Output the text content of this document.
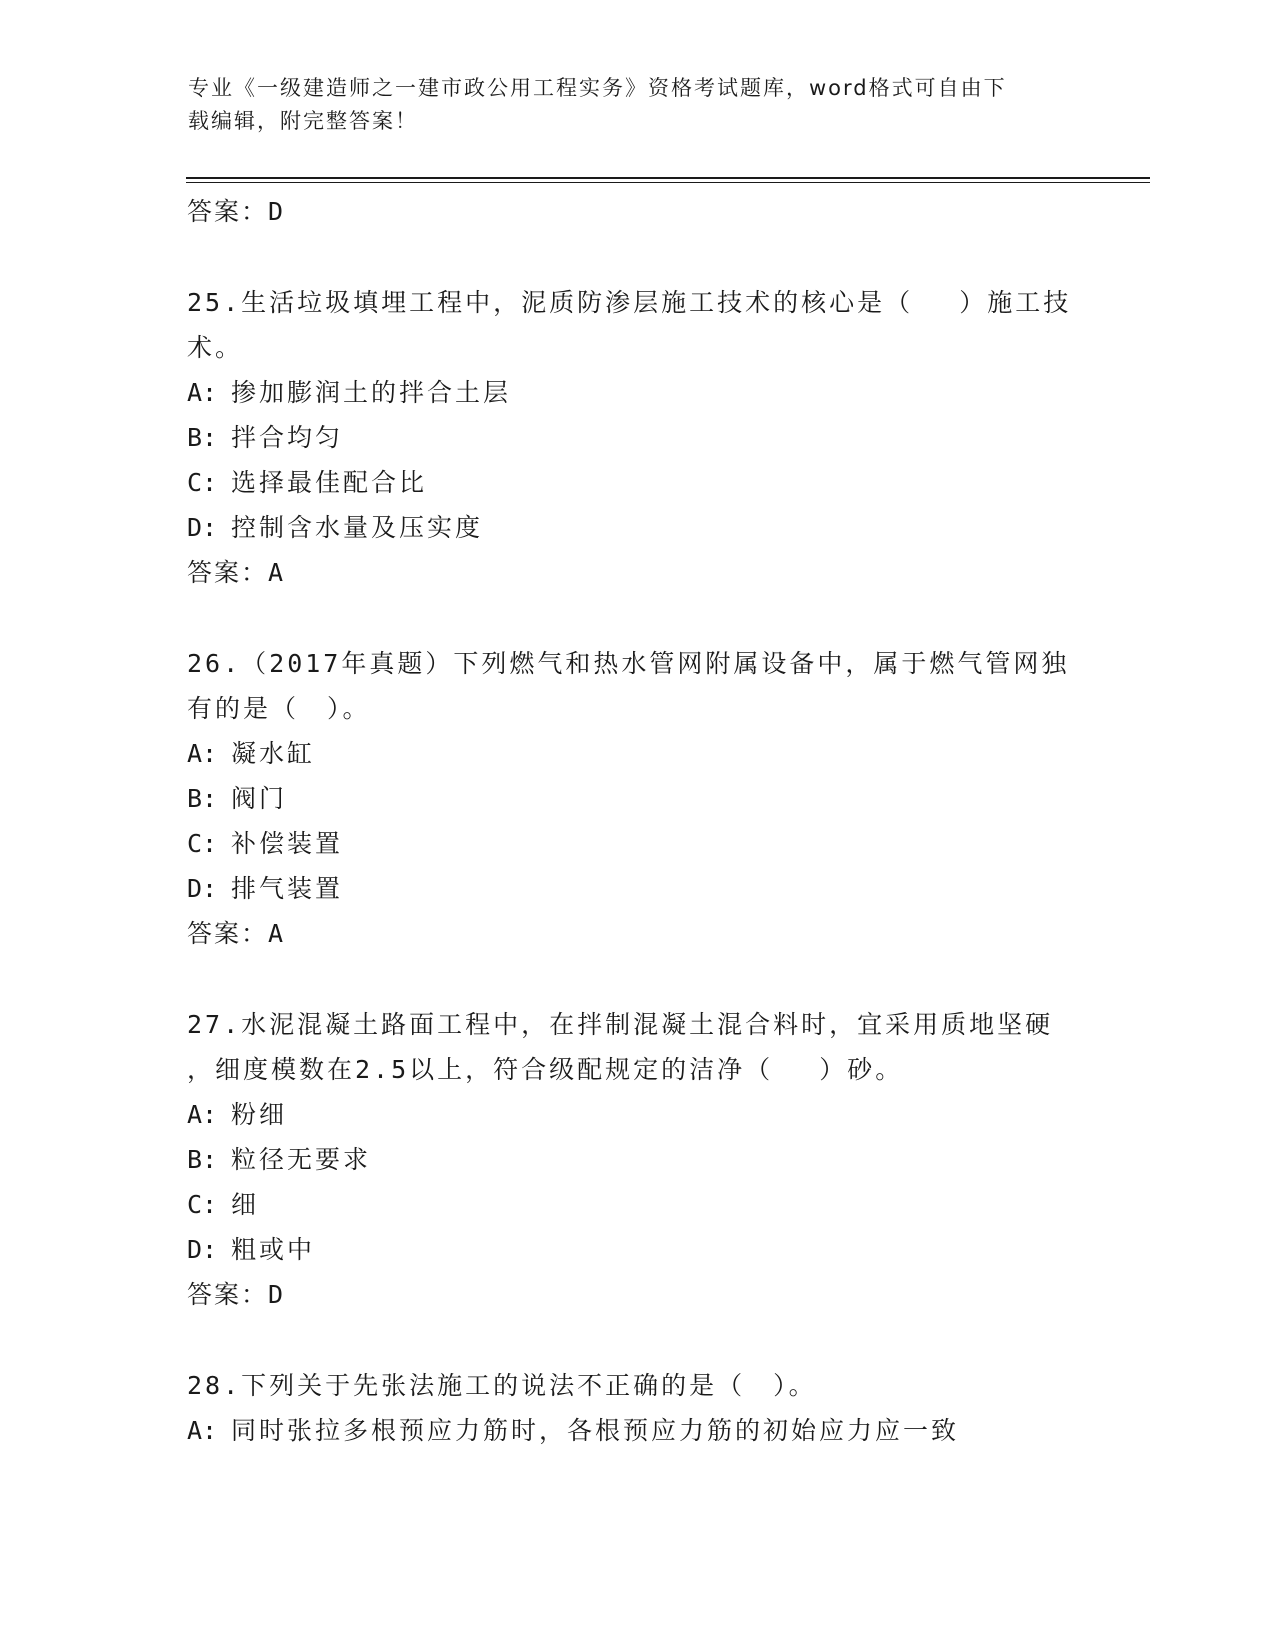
专业《一级建造师之一建市政公用工程实务》资格考试题库，word格式可自由下
载编辑，附完整答案！
答案：D
25.生活垃圾填埋工程中，泥质防渗层施工技术的核心是（　 ）施工技
术。
A: 掺加膨润土的拌合土层
B: 拌合均匀
C: 选择最佳配合比
D: 控制含水量及压实度
答案：A
26.（2017年真题）下列燃气和热水管网附属设备中，属于燃气管网独
有的是（　）。
A: 凝水缸
B: 阀门
C: 补偿装置
D: 排气装置
答案：A
27.水泥混凝土路面工程中，在拌制混凝土混合料时，宜采用质地坚硬
，细度模数在2.5以上，符合级配规定的洁净（　 ）砂。
A: 粉细
B: 粒径无要求
C: 细
D: 粗或中
答案：D
28.下列关于先张法施工的说法不正确的是（　）。
A: 同时张拉多根预应力筋时，各根预应力筋的初始应力应一致
